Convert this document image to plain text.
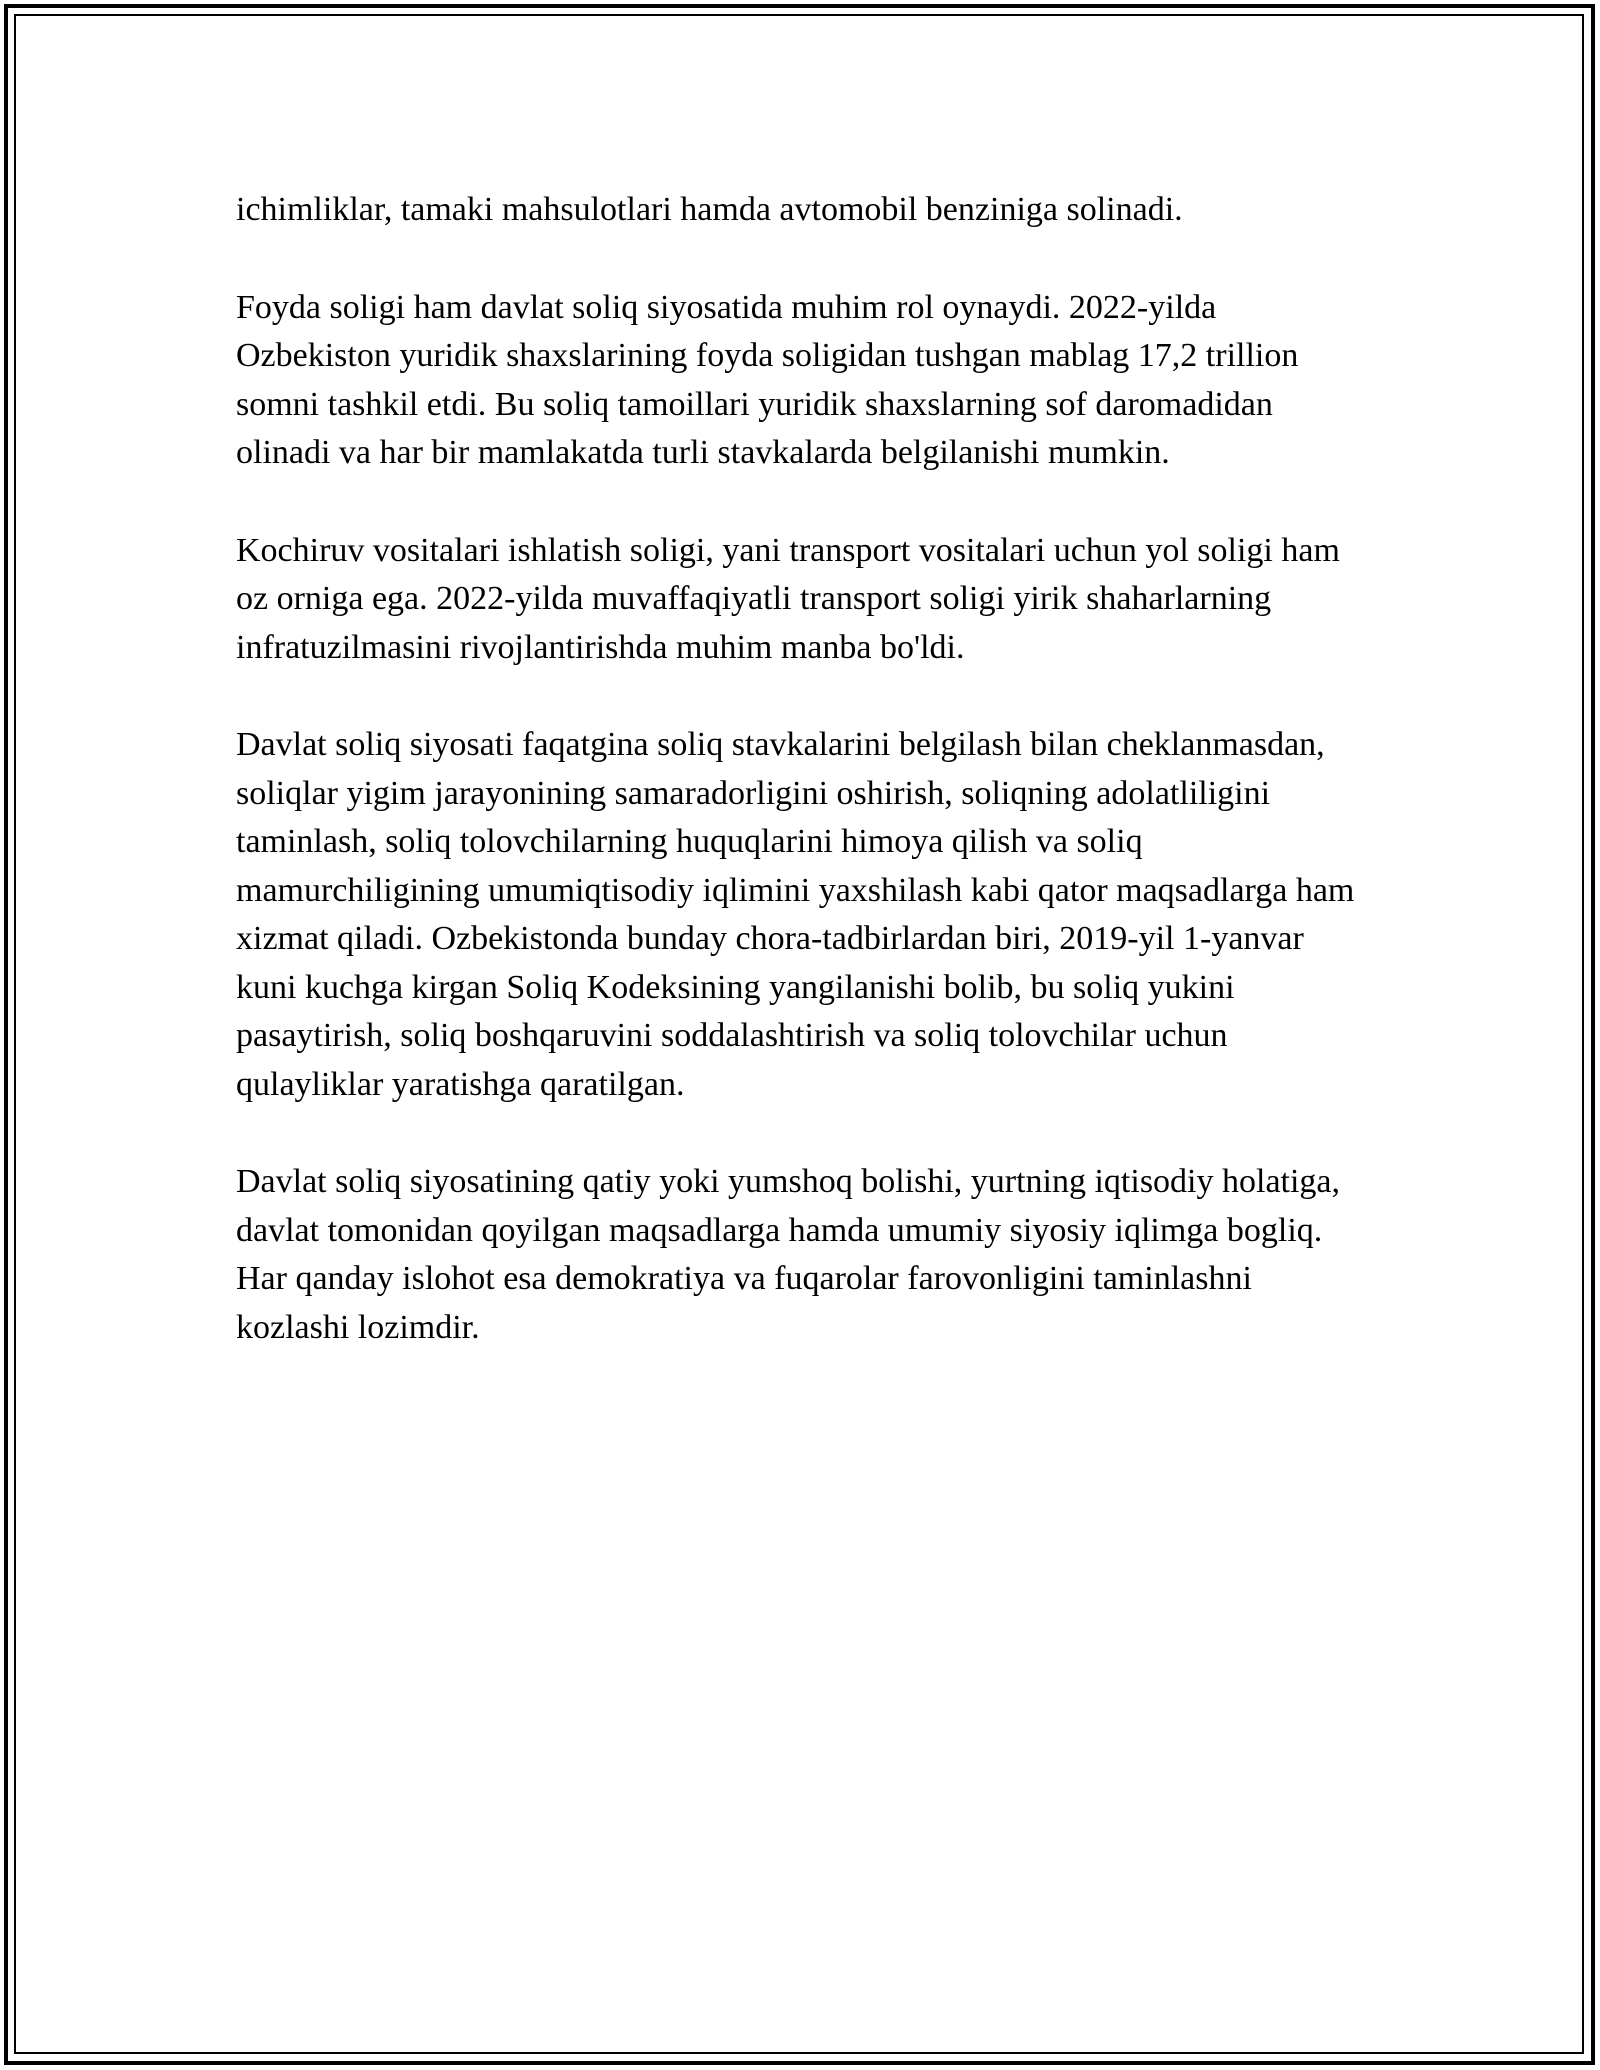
ichimliklar, tamaki mahsulotlari hamda avtomobil benziniga solinadi.

Foyda soligi ham davlat soliq siyosatida muhim rol oynaydi. 2022-yilda Ozbekiston yuridik shaxslarining foyda soligidan tushgan mablag 17,2 trillion somni tashkil etdi. Bu soliq tamoillari yuridik shaxslarning sof daromadidan olinadi va har bir mamlakatda turli stavkalarda belgilanishi mumkin.

Kochiruv vositalari ishlatish soligi, yani transport vositalari uchun yol soligi ham oz orniga ega. 2022-yilda muvaffaqiyatli transport soligi yirik shaharlarning infratuzilmasini rivojlantirishda muhim manba bo'ldi.

Davlat soliq siyosati faqatgina soliq stavkalarini belgilash bilan cheklanmasdan, soliqlar yigim jarayonining samaradorligini oshirish, soliqning adolatliligini taminlash, soliq tolovchilarning huquqlarini himoya qilish va soliq mamurchiligining umumiqtisodiy iqlimini yaxshilash kabi qator maqsadlarga ham xizmat qiladi. Ozbekistonda bunday chora-tadbirlardan biri, 2019-yil 1-yanvar kuni kuchga kirgan Soliq Kodeksining yangilanishi bolib, bu soliq yukini pasaytirish, soliq boshqaruvini soddalashtirish va soliq tolovchilar uchun qulayliklar yaratishga qaratilgan.

Davlat soliq siyosatining qatiy yoki yumshoq bolishi, yurtning iqtisodiy holatiga, davlat tomonidan qoyilgan maqsadlarga hamda umumiy siyosiy iqlimga bogliq. Har qanday islohot esa demokratiya va fuqarolar farovonligini taminlashni kozlashi lozimdir.
